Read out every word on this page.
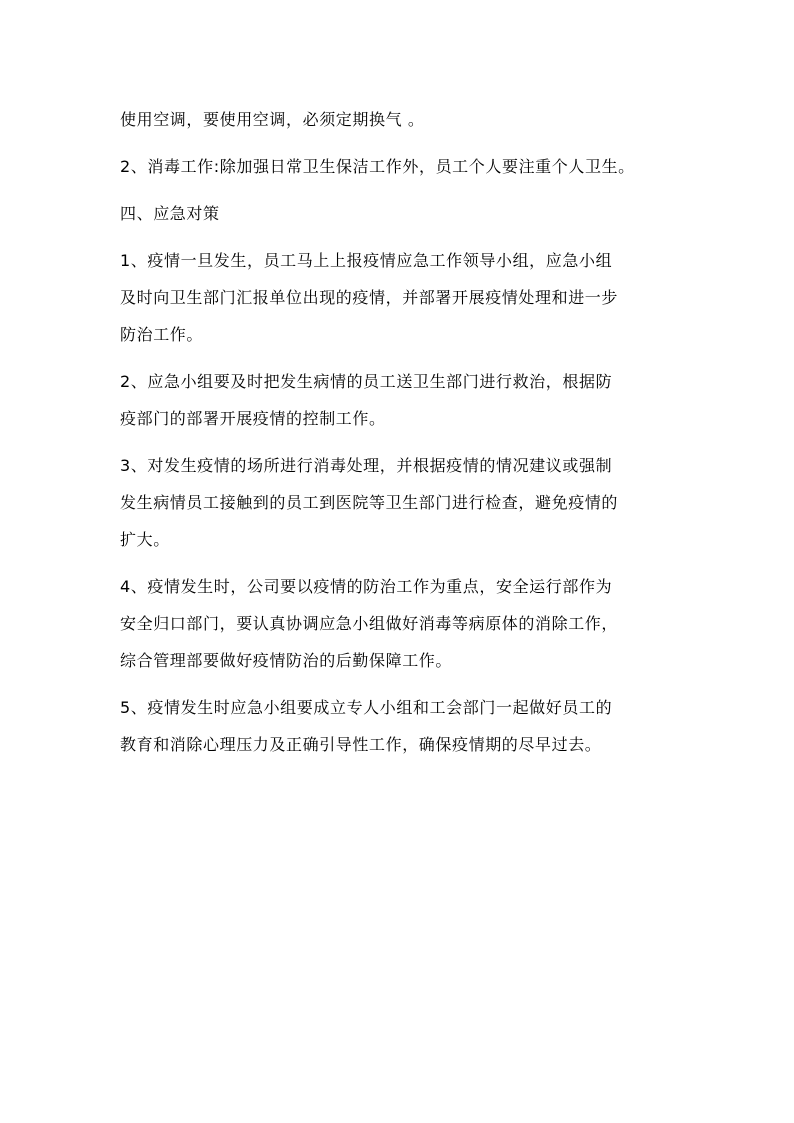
使用空调，要使用空调，必须定期换气 。

2、消毒工作:除加强日常卫生保洁工作外，员工个人要注重个人卫生。

四、应急对策

1、疫情一旦发生，员工马上上报疫情应急工作领导小组，应急小组
及时向卫生部门汇报单位出现的疫情，并部署开展疫情处理和进一步
防治工作。

2、应急小组要及时把发生病情的员工送卫生部门进行救治，根据防
疫部门的部署开展疫情的控制工作。

3、对发生疫情的场所进行消毒处理，并根据疫情的情况建议或强制
发生病情员工接触到的员工到医院等卫生部门进行检查，避免疫情的
扩大。

4、疫情发生时，公司要以疫情的防治工作为重点，安全运行部作为
安全归口部门，要认真协调应急小组做好消毒等病原体的消除工作，
综合管理部要做好疫情防治的后勤保障工作。

5、疫情发生时应急小组要成立专人小组和工会部门一起做好员工的
教育和消除心理压力及正确引导性工作，确保疫情期的尽早过去。
